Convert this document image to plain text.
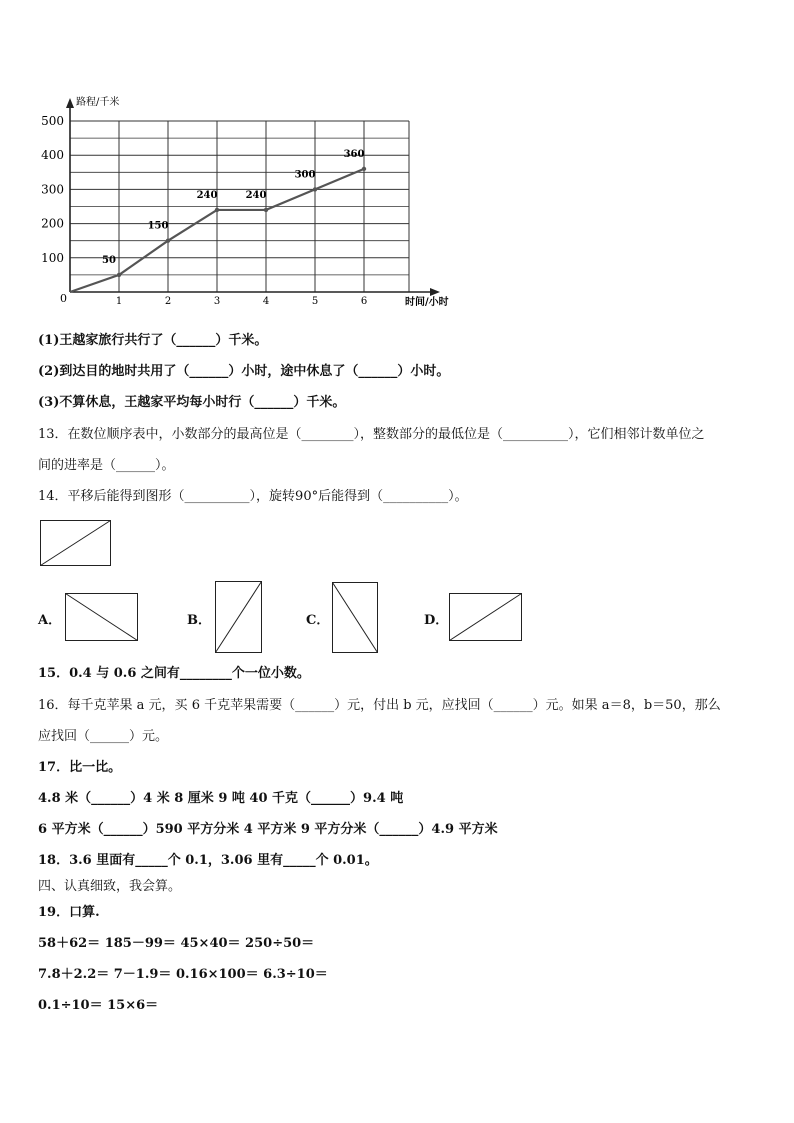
路程/千米
时间/小时
0
100
200
300
400
500
1	2	3	4	5	6
50
150
240	240
300
360
(1)王越家旅行共行了（______）千米。
(2)到达目的地时共用了（______）小时，途中休息了（______）小时。
(3)不算休息，王越家平均每小时行（______）千米。
13．在数位顺序表中，小数部分的最高位是（________），整数部分的最低位是（__________），它们相邻计数单位之
间的进率是（______）。
14．平移后能得到图形（__________），旋转90°后能得到（__________）。
A．	B．	C．	D．
15．0.4 与 0.6 之间有________个一位小数。
16．每千克苹果 a 元，买 6 千克苹果需要（______）元，付出 b 元，应找回（______）元。如果 a＝8，b＝50，那么
应找回（______）元。
17．比一比。
4.8 米（______）4 米 8 厘米 9 吨 40 千克（______）9.4 吨
6 平方米（______）590 平方分米 4 平方米 9 平方分米（______）4.9 平方米
18．3.6 里面有_____个 0.1，3.06 里有_____个 0.01。
四、认真细致，我会算。
19．口算.
58＋62＝ 185－99＝ 45×40＝ 250÷50＝
7.8＋2.2＝ 7－1.9＝ 0.16×100＝ 6.3÷10＝
0.1÷10＝ 15×6＝
